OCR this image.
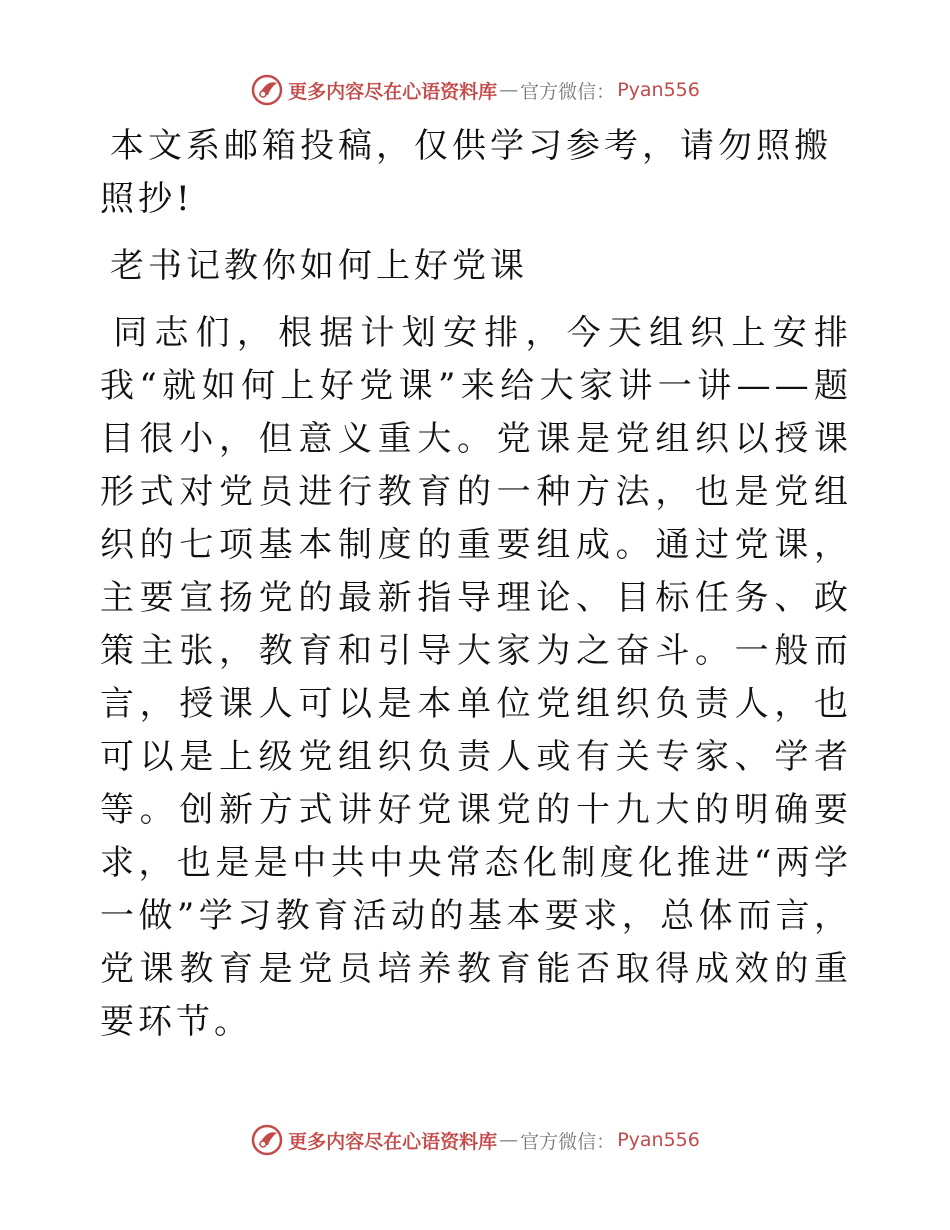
更多内容尽在心语资料库 — 官方微信： Pyan556

本文系邮箱投稿，仅供学习参考，请勿照搬照抄!

老书记教你如何上好党课

同志们，根据计划安排，今天组织上安排我“就如何上好党课”来给大家讲一讲——题目很小，但意义重大。党课是党组织以授课形式对党员进行教育的一种方法，也是党组织的七项基本制度的重要组成。通过党课，主要宣扬党的最新指导理论、目标任务、政策主张，教育和引导大家为之奋斗。一般而言，授课人可以是本单位党组织负责人，也可以是上级党组织负责人或有关专家、学者等。创新方式讲好党课党的十九大的明确要求，也是是中共中央常态化制度化推进“两学一做”学习教育活动的基本要求，总体而言，党课教育是党员培养教育能否取得成效的重要环节。

更多内容尽在心语资料库 — 官方微信： Pyan556
